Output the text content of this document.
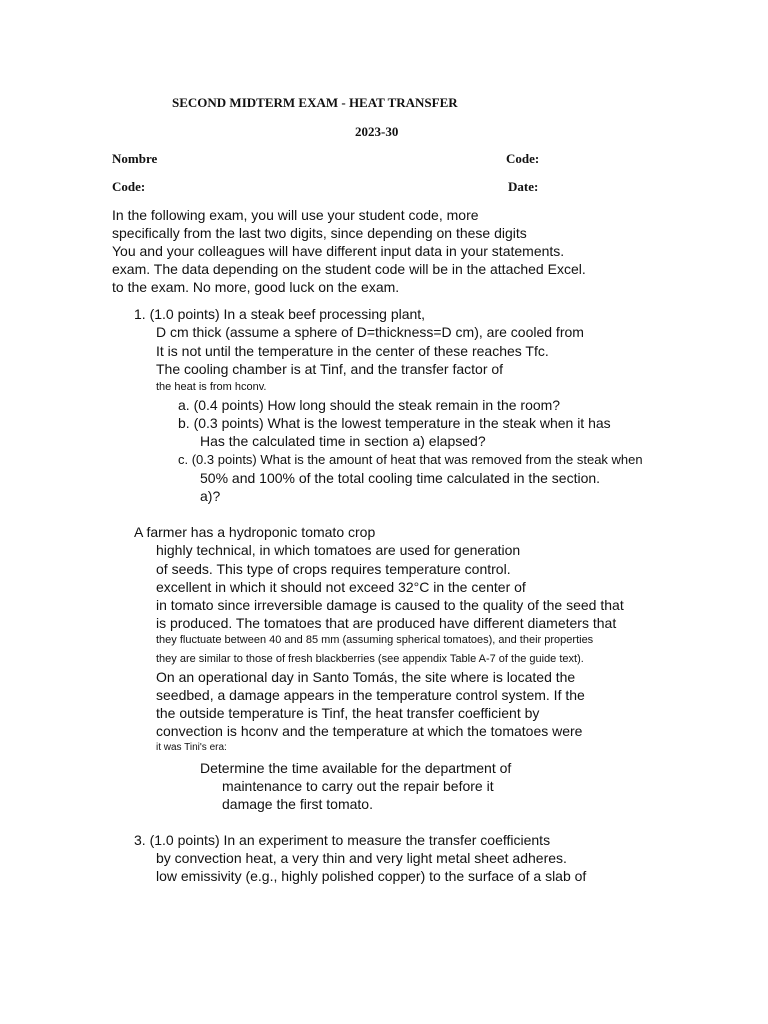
SECOND MIDTERM EXAM - HEAT TRANSFER
2023-30
Nombre	Code:
Code:	Date:
In the following exam, you will use your student code, more
specifically from the last two digits, since depending on these digits
You and your colleagues will have different input data in your statements.
exam. The data depending on the student code will be in the attached Excel.
to the exam. No more, good luck on the exam.
1. (1.0 points) In a steak beef processing plant,
D cm thick (assume a sphere of D=thickness=D cm), are cooled from
It is not until the temperature in the center of these reaches Tfc.
The cooling chamber is at Tinf, and the transfer factor of
the heat is from hconv.
a. (0.4 points) How long should the steak remain in the room?
b. (0.3 points) What is the lowest temperature in the steak when it has
Has the calculated time in section a) elapsed?
c. (0.3 points) What is the amount of heat that was removed from the steak when
50% and 100% of the total cooling time calculated in the section.
a)?
A farmer has a hydroponic tomato crop
highly technical, in which tomatoes are used for generation
of seeds. This type of crops requires temperature control.
excellent in which it should not exceed 32°C in the center of
in tomato since irreversible damage is caused to the quality of the seed that
is produced. The tomatoes that are produced have different diameters that
they fluctuate between 40 and 85 mm (assuming spherical tomatoes), and their properties
they are similar to those of fresh blackberries (see appendix Table A-7 of the guide text).
On an operational day in Santo Tomás, the site where is located the
seedbed, a damage appears in the temperature control system. If the
the outside temperature is Tinf, the heat transfer coefficient by
convection is hconv and the temperature at which the tomatoes were
it was Tini's era:
Determine the time available for the department of
maintenance to carry out the repair before it
damage the first tomato.
3. (1.0 points) In an experiment to measure the transfer coefficients
by convection heat, a very thin and very light metal sheet adheres.
low emissivity (e.g., highly polished copper) to the surface of a slab of
